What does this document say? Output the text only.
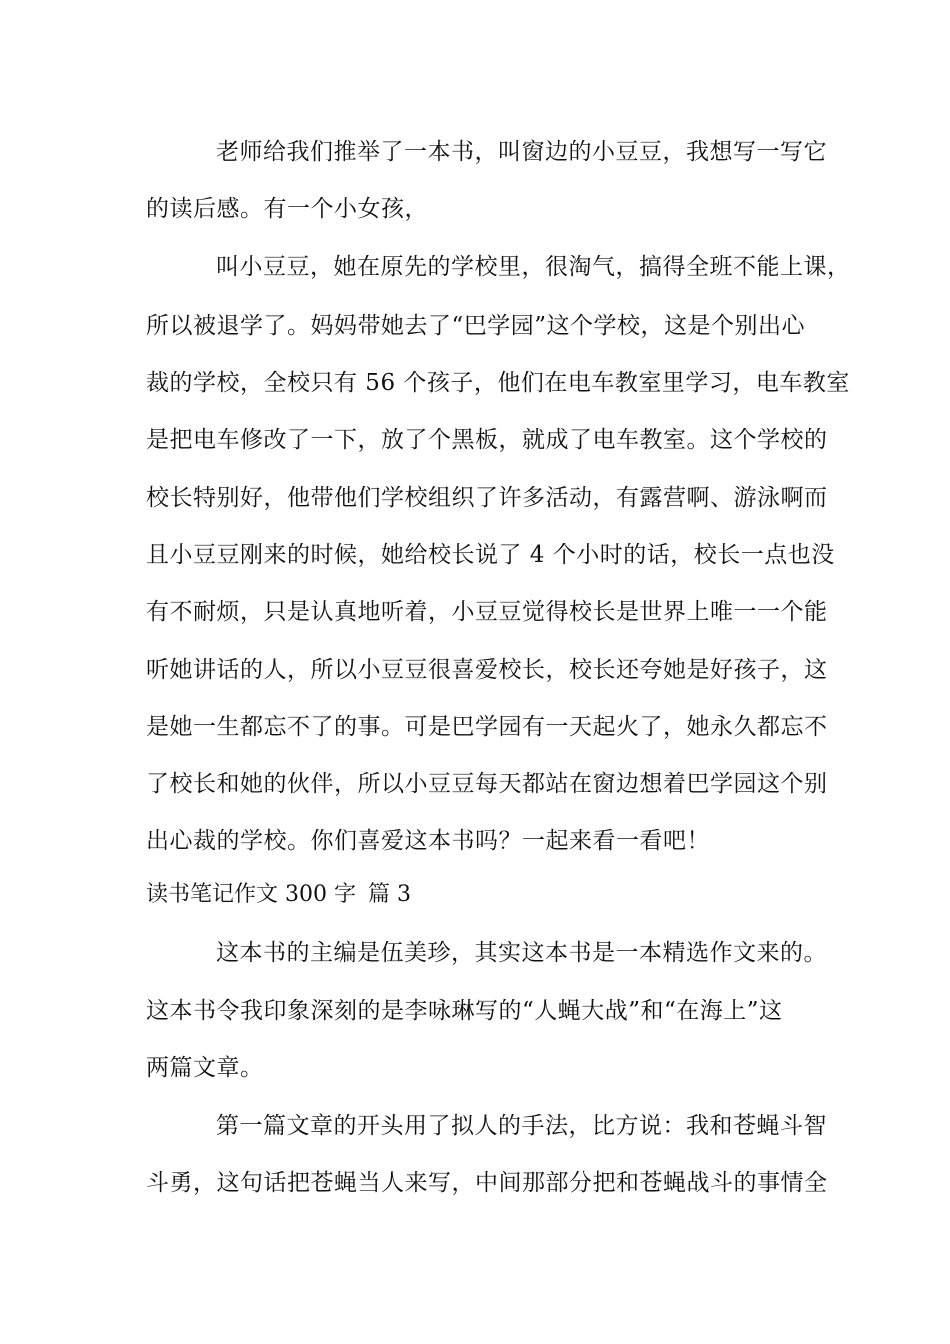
老师给我们推举了一本书，叫窗边的小豆豆，我想写一写它
的读后感。有一个小女孩，
叫小豆豆，她在原先的学校里，很淘气，搞得全班不能上课，
所以被退学了。妈妈带她去了“巴学园”这个学校，这是个别出心
裁的学校，全校只有 56 个孩子，他们在电车教室里学习，电车教室
是把电车修改了一下，放了个黑板，就成了电车教室。这个学校的
校长特别好，他带他们学校组织了许多活动，有露营啊、游泳啊而
且小豆豆刚来的时候，她给校长说了 4 个小时的话，校长一点也没
有不耐烦，只是认真地听着，小豆豆觉得校长是世界上唯一一个能
听她讲话的人，所以小豆豆很喜爱校长，校长还夸她是好孩子，这
是她一生都忘不了的事。可是巴学园有一天起火了，她永久都忘不
了校长和她的伙伴，所以小豆豆每天都站在窗边想着巴学园这个别
出心裁的学校。你们喜爱这本书吗？一起来看一看吧！
读书笔记作文 300 字 篇 3
这本书的主编是伍美珍，其实这本书是一本精选作文来的。
这本书令我印象深刻的是李咏琳写的“人蝇大战”和“在海上”这
两篇文章。
第一篇文章的开头用了拟人的手法，比方说：我和苍蝇斗智
斗勇，这句话把苍蝇当人来写，中间那部分把和苍蝇战斗的事情全
